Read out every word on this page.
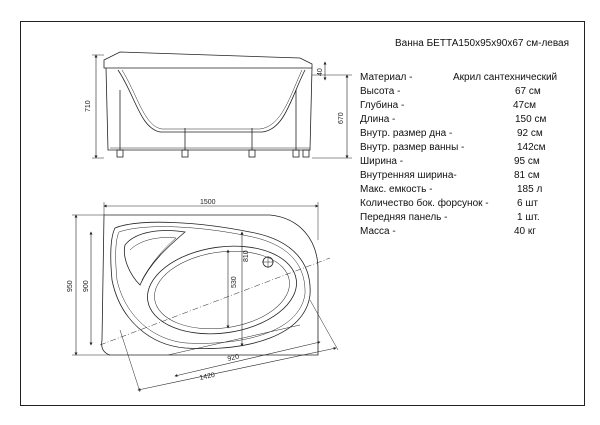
Ванна БЕТТА150х95х90х67 см-левая
Материал -	Акрил сантехнический
Высота -	67 см
Глубина -	47см
Длина -	150 см
Внутр. размер дна -	92 см
Внутр. размер ванны -	142см
Ширина -	95 см
Внутренняя ширина-	81 см
Макс. емкость -	185 л
Количество бок. форсунок -	6 шт
Передняя панель -	1 шт.
Масса -	40 кг
710
40
670
1500
950 900	530
810
920
1420
